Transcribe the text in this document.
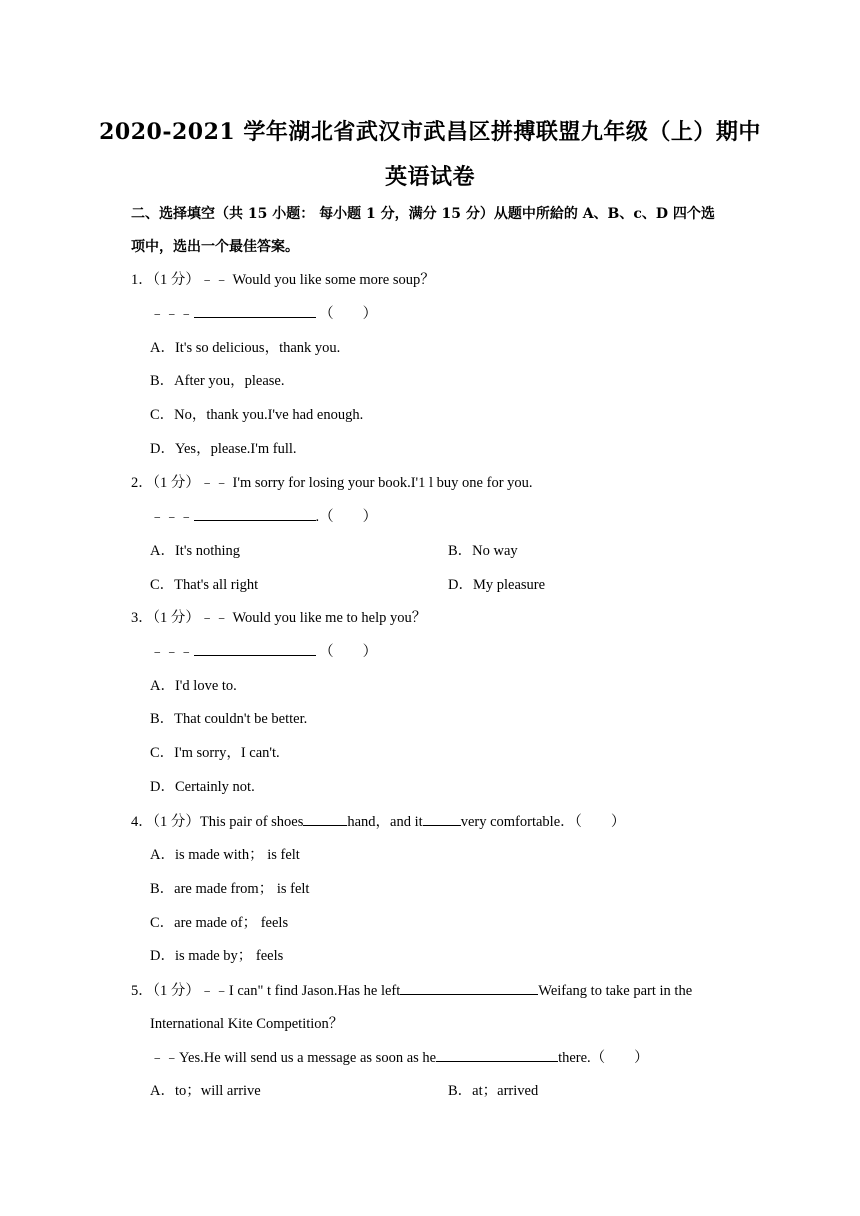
2020-2021 学年湖北省武汉市武昌区拼搏联盟九年级（上）期中
英语试卷
二、选择填空（共 15 小题： 每小题 1 分，满分 15 分）从题中所給的 A、B、c、D 四个选
项中，选出一个最佳答案。
1．（1 分）﹣﹣ Would you like some more soup？
﹣﹣﹣	（　　）
A．It's so delicious，thank you.
B．After you，please.
C．No，thank you.I've had enough.
D．Yes，please.I'm full.
2．（1 分）﹣﹣ I'm sorry for losing your book.I'1 l buy one for you.
﹣﹣﹣	.（　　）
A．It's nothing	B．No way
C．That's all right	D．My pleasure
3．（1 分）﹣﹣ Would you like me to help you？
﹣﹣﹣	（　　）
A．I'd love to.
B．That couldn't be better.
C．I'm sorry，I can't.
D．Certainly not.
4．（1 分）This pair of shoes	hand，and it	very comfortable．（　　）
A．is made with； is felt
B．are made from； is felt
C．are made of； feels
D．is made by； feels
5．（1 分）﹣﹣I can" t find Jason.Has he left	Weifang to take part in the
International Kite Competition？
﹣﹣Yes.He will send us a message as soon as he	there.（　　）
A．to；will arrive	B．at；arrived
